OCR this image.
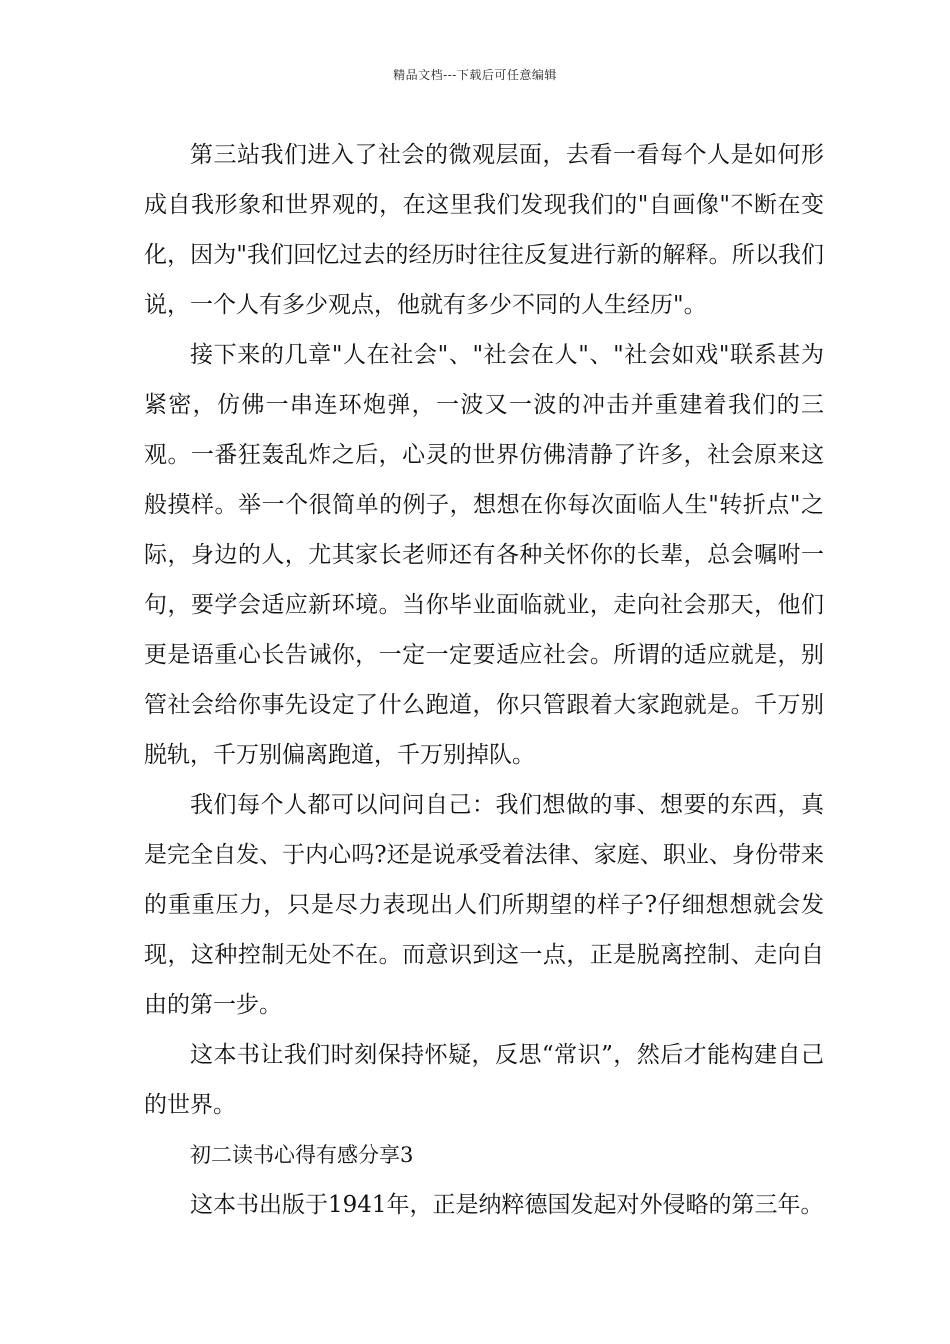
精品文档---下载后可任意编辑

第三站我们进入了社会的微观层面，去看一看每个人是如何形成自我形象和世界观的，在这里我们发现我们的"自画像"不断在变化，因为"我们回忆过去的经历时往往反复进行新的解释。所以我们说，一个人有多少观点，他就有多少不同的人生经历"。

接下来的几章"人在社会"、"社会在人"、"社会如戏"联系甚为紧密，仿佛一串连环炮弹，一波又一波的冲击并重建着我们的三观。一番狂轰乱炸之后，心灵的世界仿佛清静了许多，社会原来这般摸样。举一个很简单的例子，想想在你每次面临人生"转折点"之际，身边的人，尤其家长老师还有各种关怀你的长辈，总会嘱咐一句，要学会适应新环境。当你毕业面临就业，走向社会那天，他们更是语重心长告诫你，一定一定要适应社会。所谓的适应就是，别管社会给你事先设定了什么跑道，你只管跟着大家跑就是。千万别脱轨，千万别偏离跑道，千万别掉队。

我们每个人都可以问问自己：我们想做的事、想要的东西，真是完全自发、于内心吗?还是说承受着法律、家庭、职业、身份带来的重重压力，只是尽力表现出人们所期望的样子?仔细想想就会发现，这种控制无处不在。而意识到这一点，正是脱离控制、走向自由的第一步。

这本书让我们时刻保持怀疑，反思“常识”，然后才能构建自己的世界。

初二读书心得有感分享3

这本书出版于1941年，正是纳粹德国发起对外侵略的第三年。
